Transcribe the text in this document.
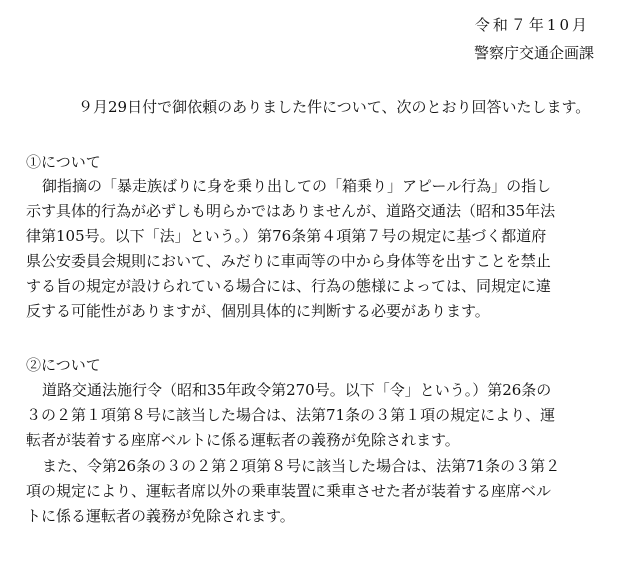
令和７年10月
警察庁交通企画課
９月29日付で御依頼のありました件について、次のとおり回答いたします。
①について
御指摘の「暴走族ばりに身を乗り出しての「箱乗り」アピール行為」の指し
示す具体的行為が必ずしも明らかではありませんが、道路交通法（昭和35年法
律第105号。以下「法」という。）第76条第４項第７号の規定に基づく都道府
県公安委員会規則において、みだりに車両等の中から身体等を出すことを禁止
する旨の規定が設けられている場合には、行為の態様によっては、同規定に違
反する可能性がありますが、個別具体的に判断する必要があります。
②について
道路交通法施行令（昭和35年政令第270号。以下「令」という。）第26条の
３の２第１項第８号に該当した場合は、法第71条の３第１項の規定により、運
転者が装着する座席ベルトに係る運転者の義務が免除されます。
また、令第26条の３の２第２項第８号に該当した場合は、法第71条の３第２
項の規定により、運転者席以外の乗車装置に乗車させた者が装着する座席ベル
トに係る運転者の義務が免除されます。
